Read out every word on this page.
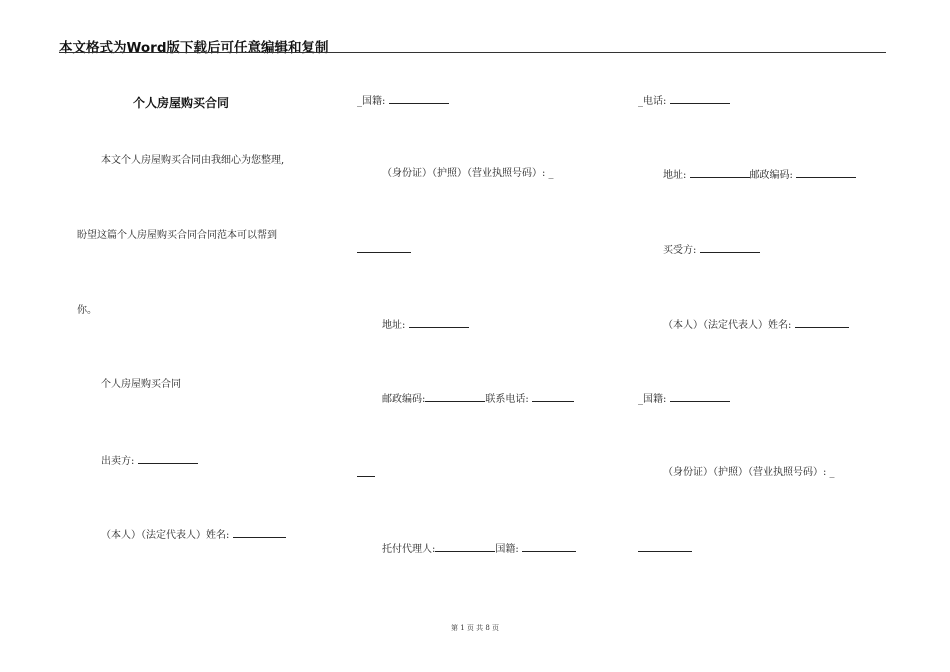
本文格式为Word版下载后可任意编辑和复制
个人房屋购买合同
本文个人房屋购买合同由我细心为您整理,
盼望这篇个人房屋购买合同合同范本可以帮到
你。
个人房屋购买合同
出卖方:
（本人）（法定代表人）姓名:
_国籍:
（身份证）（护照）（营业执照号码）: _
地址:
邮政编码:	联系电话:
托付代理人:	国籍:
_电话:
地址:	邮政编码:
买受方:
（本人）（法定代表人）姓名:
_国籍:
（身份证）（护照）（营业执照号码）: _
第 1 页 共 8 页
